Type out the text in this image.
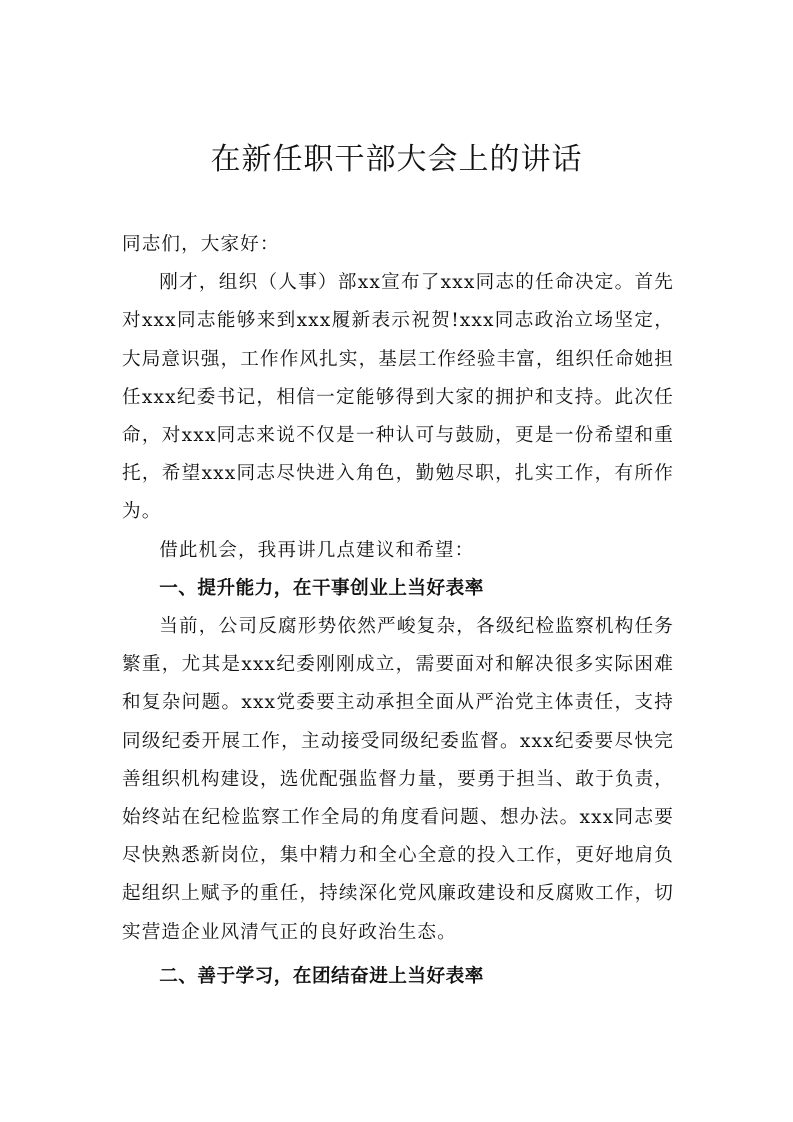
在新任职干部大会上的讲话

同志们，大家好：

刚才，组织（人事）部xx宣布了xxx同志的任命决定。首先对xxx同志能够来到xxx履新表示祝贺!xxx同志政治立场坚定，大局意识强，工作作风扎实，基层工作经验丰富，组织任命她担任xxx纪委书记，相信一定能够得到大家的拥护和支持。此次任命，对xxx同志来说不仅是一种认可与鼓励，更是一份希望和重托，希望xxx同志尽快进入角色，勤勉尽职，扎实工作，有所作为。

借此机会，我再讲几点建议和希望：

一、提升能力，在干事创业上当好表率

当前，公司反腐形势依然严峻复杂，各级纪检监察机构任务繁重，尤其是xxx纪委刚刚成立，需要面对和解决很多实际困难和复杂问题。xxx党委要主动承担全面从严治党主体责任，支持同级纪委开展工作，主动接受同级纪委监督。xxx纪委要尽快完善组织机构建设，选优配强监督力量，要勇于担当、敢于负责，始终站在纪检监察工作全局的角度看问题、想办法。xxx同志要尽快熟悉新岗位，集中精力和全心全意的投入工作，更好地肩负起组织上赋予的重任，持续深化党风廉政建设和反腐败工作，切实营造企业风清气正的良好政治生态。

二、善于学习，在团结奋进上当好表率
